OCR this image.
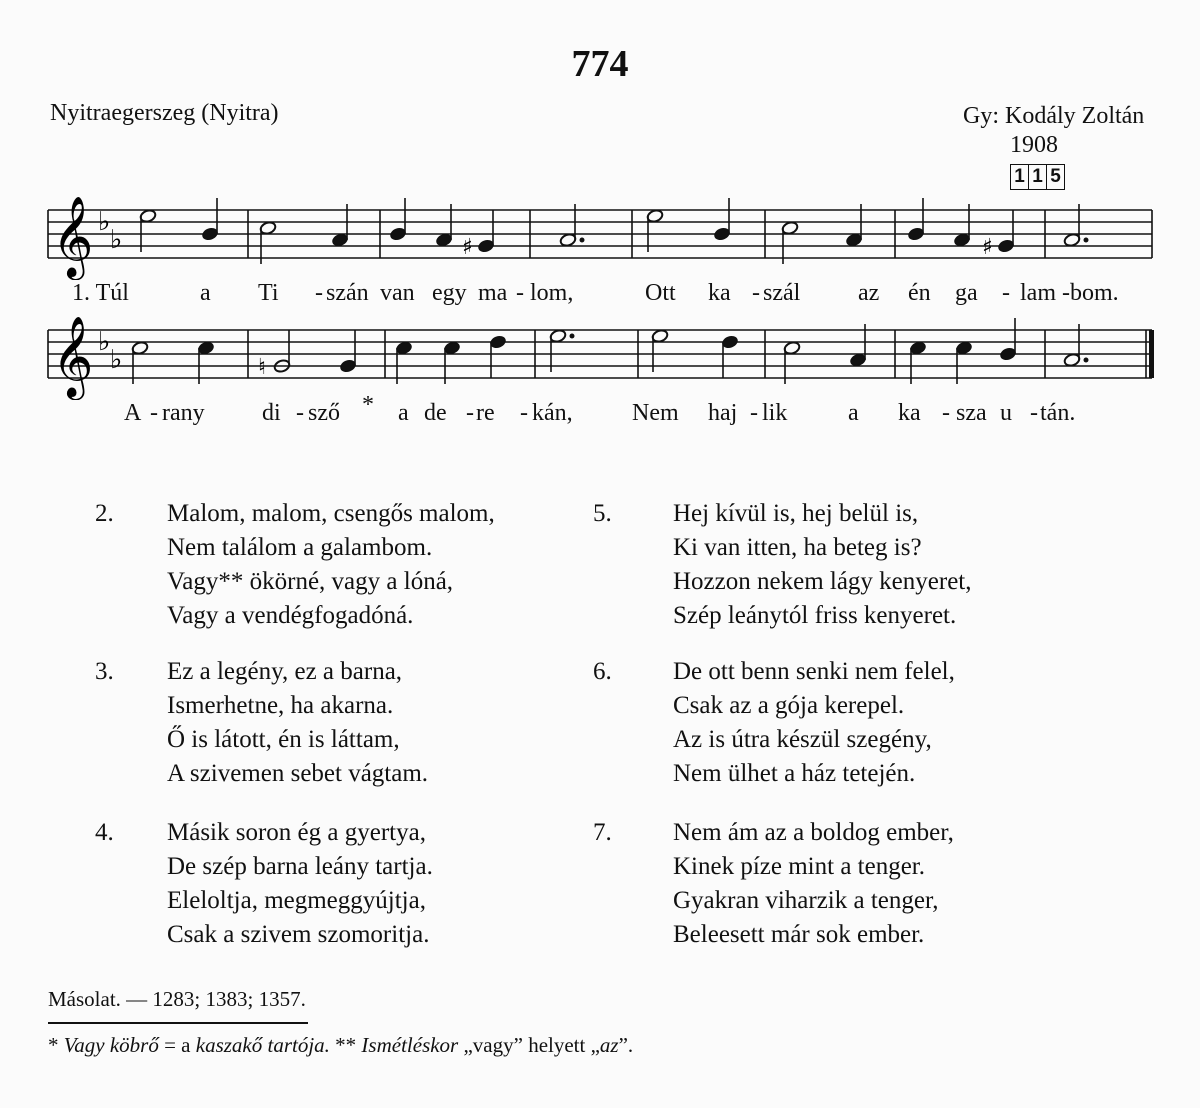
774
Nyitraegerszeg (Nyitra)	Gy: Kodály Zoltán
1908
1 1 5
𝄞 ♭
♭	♯	♯
1. Túl	a Ti - szán van egy ma - lom,	Ott ka - szál az én ga - lam - bom.
𝄞 ♭
♭	♮
A - rany di - sző * a de - re - kán, Nem haj - lik	a ka - sza u - tán.
2. Malom, malom, csengős malom,
Nem találom a galambom.
Vagy** ökörné, vagy a lóná,
Vagy a vendégfogadóná.
3. Ez a legény, ez a barna,
Ismerhetne, ha akarna.
Ő is látott, én is láttam,
A szivemen sebet vágtam.
4. Másik soron ég a gyertya,
De szép barna leány tartja.
Eleloltja, megmeggyújtja,
Csak a szivem szomoritja.
5. Hej kívül is, hej belül is,
Ki van itten, ha beteg is?
Hozzon nekem lágy kenyeret,
Szép leánytól friss kenyeret.
6. De ott benn senki nem felel,
Csak az a gója kerepel.
Az is útra készül szegény,
Nem ülhet a ház tetején.
7. Nem ám az a boldog ember,
Kinek píze mint a tenger.
Gyakran viharzik a tenger,
Beleesett már sok ember.
Másolat. — 1283; 1383; 1357.
* Vagy köbrő = a kaszakő tartója. ** Ismétléskor „vagy” helyett „az”.
